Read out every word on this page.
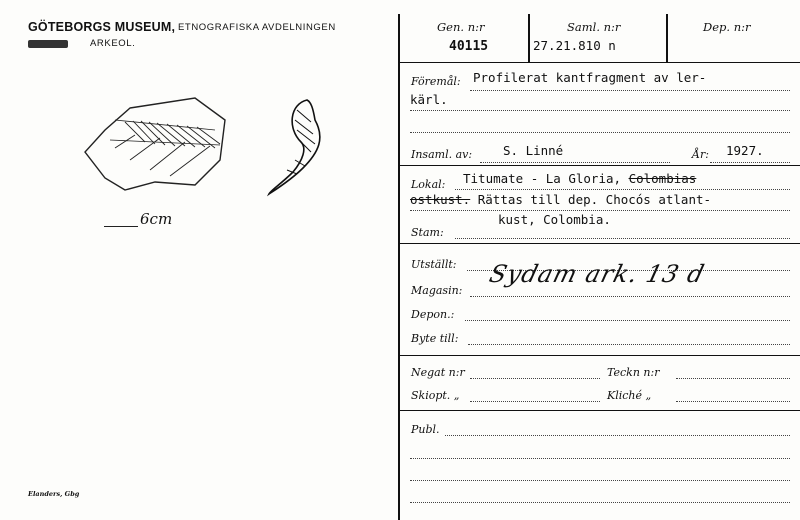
GÖTEBORGS MUSEUM, ETNOGRAFISKA AVDELNINGEN
ARKEOL.
6cm
Elanders, Gbg
Gen. n:r
40115
Saml. n:r
27.21.810 n
Dep. n:r
Föremål: Profilerat kantfragment av ler-
kärl.
Insaml. av: S. Linné	År: 1927.
Lokal: Titumate - La Gloria, Colombias
ostkust. Rättas till dep. Chocós atlant-
kust, Colombia.
Stam:
Utställt: Sydam ark. 13 d
Magasin:
Depon.:
Byte till:
Negat n:r	Teckn n:r
Skiopt. „	Kliché „
Publ.
